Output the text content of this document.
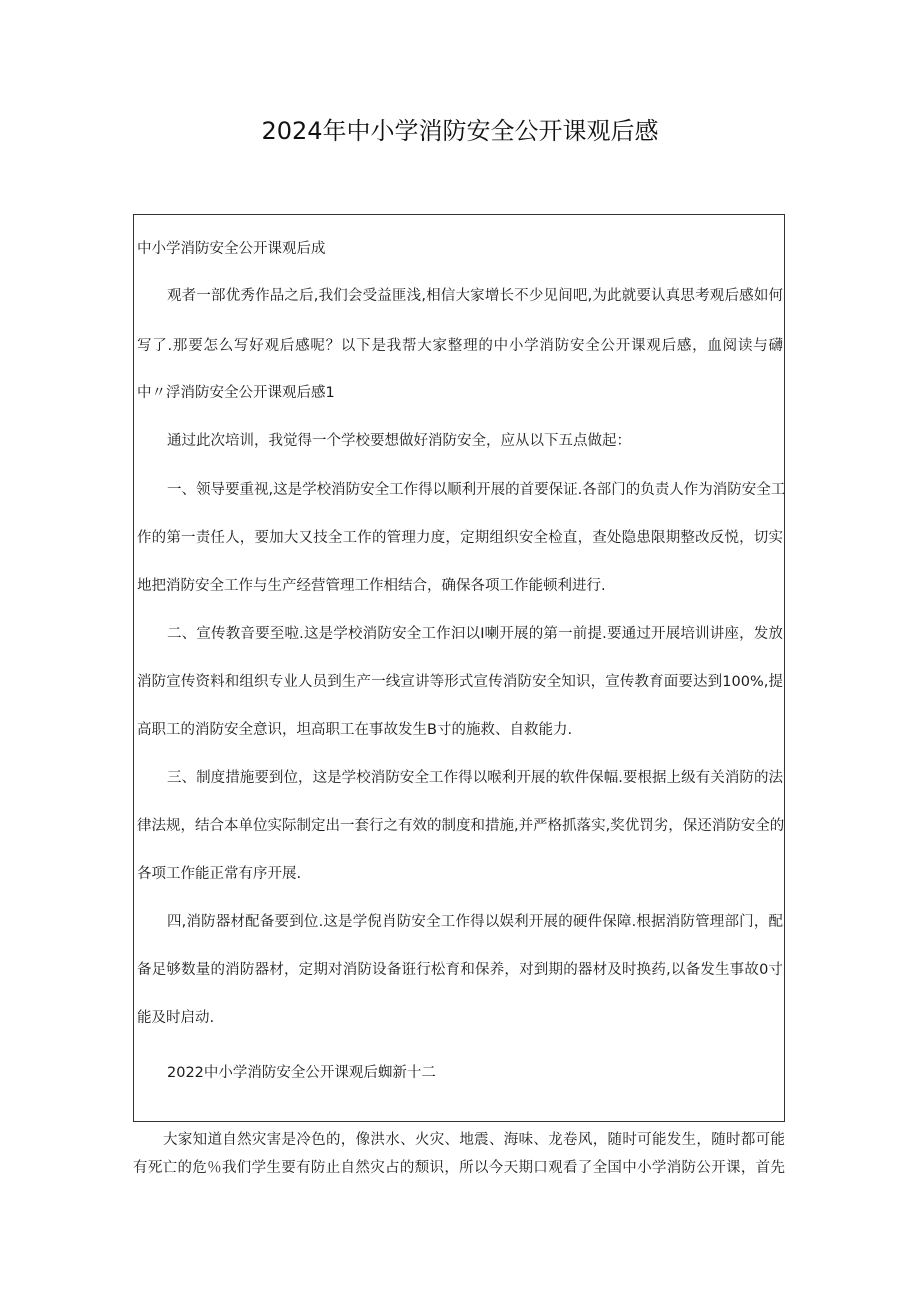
2024年中小学消防安全公开课观后感
中小学消防安全公开课观后成
观者一部优秀作品之后,我们会受益匪浅,相信大家增长不少见间吧,为此就要认真思考观后感如何
写了.那要怎么写好观后感呢？以下是我帮大家整理的中小学消防安全公开课观后感，血阅读与礴
中〃浮消防安全公开课观后感1
通过此次培训，我觉得一个学校要想做好消防安全，应从以下五点做起：
一、领导要重视,这是学校消防安全工作得以顺利开展的首要保证.各部门的负责人作为消防安全工
作的第一责任人，要加大又技全工作的管理力度，定期组织安全检直，查处隐患限期整改反悦，切实
地把消防安全工作与生产经营管理工作相结合，确保各项工作能顿利进行.
二、宣传教音要至啦.这是学校消防安全工作汩以I喇开展的第一前提.要通过开展培训讲座，发放
消防宣传资料和组织专业人员到生产一线宣讲等形式宣传消防安全知识，宣传教育面要达到100%,提
高职工的消防安全意识，坦高职工在事故发生B寸的施救、自救能力.
三、制度措施要到位，这是学校消防安全工作得以喉利开展的软件保幅.要根据上级有关消防的法
律法规，结合本单位实际制定出一套行之有效的制度和措施,并严格抓落实,奖优罚劣，保还消防安全的
各项工作能正常有序开展.
四,消防器材配备要到位.这是学倪肖防安全工作得以娱利开展的硬件保障.根据消防管理部门，配
备足够数量的消防器材，定期对消防设备诳行松育和保养，对到期的器材及时换药,以备发生事故0寸
能及时启动.
2022中小学消防安全公开课观后蜘新十二
大家知道自然灾害是冷色的，像洪水、火灾、地震、海味、龙卷风，随时可能发生，随时都可能
有死亡的危％我们学生要有防止自然灾占的颓识，所以今天期口观看了全国中小学消防公开课，首先
